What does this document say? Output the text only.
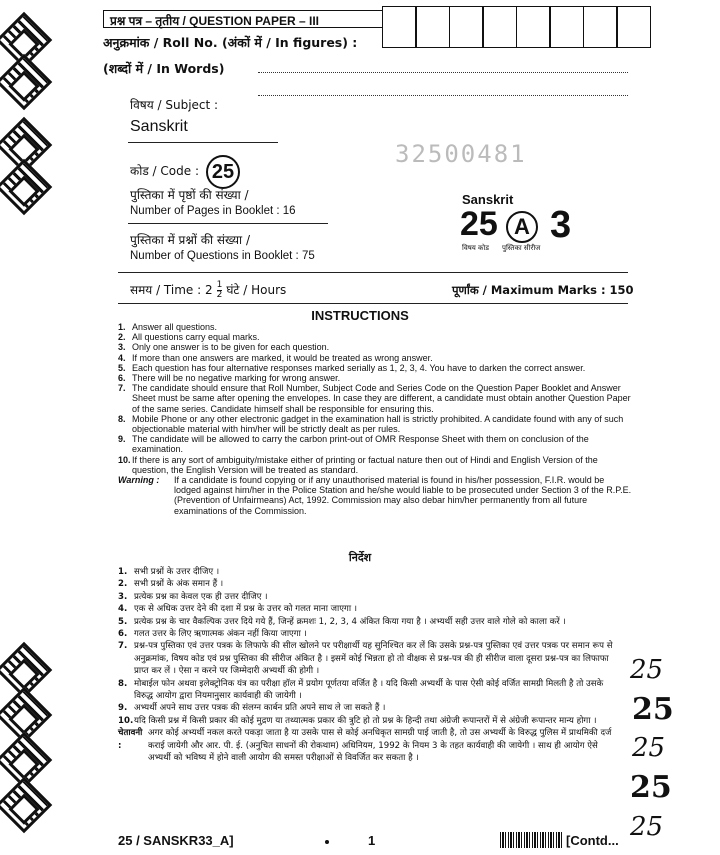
प्रश्न पत्र – तृतीय / QUESTION PAPER – III
अनुक्रमांक / Roll No. (अंकों में / In figures) :
(शब्दों में / In Words)
विषय / Subject :
Sanskrit
कोड / Code : 25
32500481
पुस्तिका में पृष्ठों की संख्या /
Number of Pages in Booklet : 16
पुस्तिका में प्रश्नों की संख्या /
Number of Questions in Booklet : 75
Sanskrit
25 A 3
विषय कोड पुस्तिका सीरीज
समय / Time : $2 \frac{1}{2}$ घंटे / Hours	पूर्णांक / Maximum Marks : 150
INSTRUCTIONS
1. Answer all questions.
2. All questions carry equal marks.
3. Only one answer is to be given for each question.
4. If more than one answers are marked, it would be treated as wrong answer.
5. Each question has four alternative responses marked serially as 1, 2, 3, 4. You have to darken the correct answer.
6. There will be no negative marking for wrong answer.
7. The candidate should ensure that Roll Number, Subject Code and Series Code on the Question Paper Booklet and Answer Sheet must be same after opening the envelopes. In case they are different, a candidate must obtain another Question Paper of the same series. Candidate himself shall be responsible for ensuring this.
8. Mobile Phone or any other electronic gadget in the examination hall is strictly prohibited. A candidate found with any of such objectionable material with him/her will be strictly dealt as per rules.
9. The candidate will be allowed to carry the carbon print-out of OMR Response Sheet with them on conclusion of the examination.
10. If there is any sort of ambiguity/mistake either of printing or factual nature then out of Hindi and English Version of the question, the English Version will be treated as standard.
Warning :	If a candidate is found copying or if any unauthorised material is found in his/her possession, F.I.R. would be lodged against him/her in the Police Station and he/she would liable to be prosecuted under Section 3 of the R.P.E. (Prevention of Unfairmeans) Act, 1992. Commission may also debar him/her permanently from all future examinations of the Commission.
निर्देश
1. सभी प्रश्नों के उत्तर दीजिए ।
2. सभी प्रश्नों के अंक समान हैं ।
3. प्रत्येक प्रश्न का केवल एक ही उत्तर दीजिए ।
4. एक से अधिक उत्तर देने की दशा में प्रश्न के उत्तर को गलत माना जाएगा ।
5. प्रत्येक प्रश्न के चार वैकल्पिक उत्तर दिये गये हैं, जिन्हें क्रमशः 1, 2, 3, 4 अंकित किया गया है । अभ्यर्थी सही उत्तर वाले गोले को काला करें ।
6. गलत उत्तर के लिए ऋणात्मक अंकन नहीं किया जाएगा ।
7. प्रश्न-पत्र पुस्तिका एवं उत्तर पत्रक के लिफाफे की सील खोलने पर परीक्षार्थी यह सुनिश्चित कर लें कि उसके प्रश्न-पत्र पुस्तिका एवं उत्तर पत्रक पर समान रूप से अनुक्रमांक, विषय कोड एवं प्रश्न पुस्तिका की सीरीज अंकित है । इसमें कोई भिन्नता हो तो वीक्षक से प्रश्न-पत्र की ही सीरीज वाला दूसरा प्रश्न-पत्र का लिफाफा प्राप्त कर लें । ऐसा न करने पर जिम्मेदारी अभ्यर्थी की होगी ।
8. मोबाईल फोन अथवा इलेक्ट्रोनिक यंत्र का परीक्षा हॉल में प्रयोग पूर्णतया वर्जित है । यदि किसी अभ्यर्थी के पास ऐसी कोई वर्जित सामग्री मिलती है तो उसके विरुद्ध आयोग द्वारा नियमानुसार कार्यवाही की जायेगी ।
9. अभ्यर्थी अपने साथ उत्तर पत्रक की संलग्न कार्बन प्रति अपने साथ ले जा सकते हैं ।
10. यदि किसी प्रश्न में किसी प्रकार की कोई मुद्रण या तथ्यात्मक प्रकार की त्रुटि हो तो प्रश्न के हिन्दी तथा अंग्रेजी रूपान्तरों में से अंग्रेजी रूपान्तर मान्य होगा ।
चेतावनी :
अगर कोई अभ्यर्थी नकल करते पकड़ा जाता है या उसके पास से कोई अनधिकृत सामग्री पाई जाती है, तो उस अभ्यर्थी के विरुद्ध पुलिस में प्राथमिकी दर्ज कराई जायेगी और आर. पी. ई. (अनुचित साधनों की रोकथाम) अधिनियम, 1992 के नियम 3 के तहत कार्यवाही की जायेगी । साथ ही आयोग ऐसे अभ्यर्थी को भविष्य में होने वाली आयोग की समस्त परीक्षाओं से विवर्जित कर सकता है ।
25
25
25
25
25
25 / SANSKR33_A]	1	[Contd...
